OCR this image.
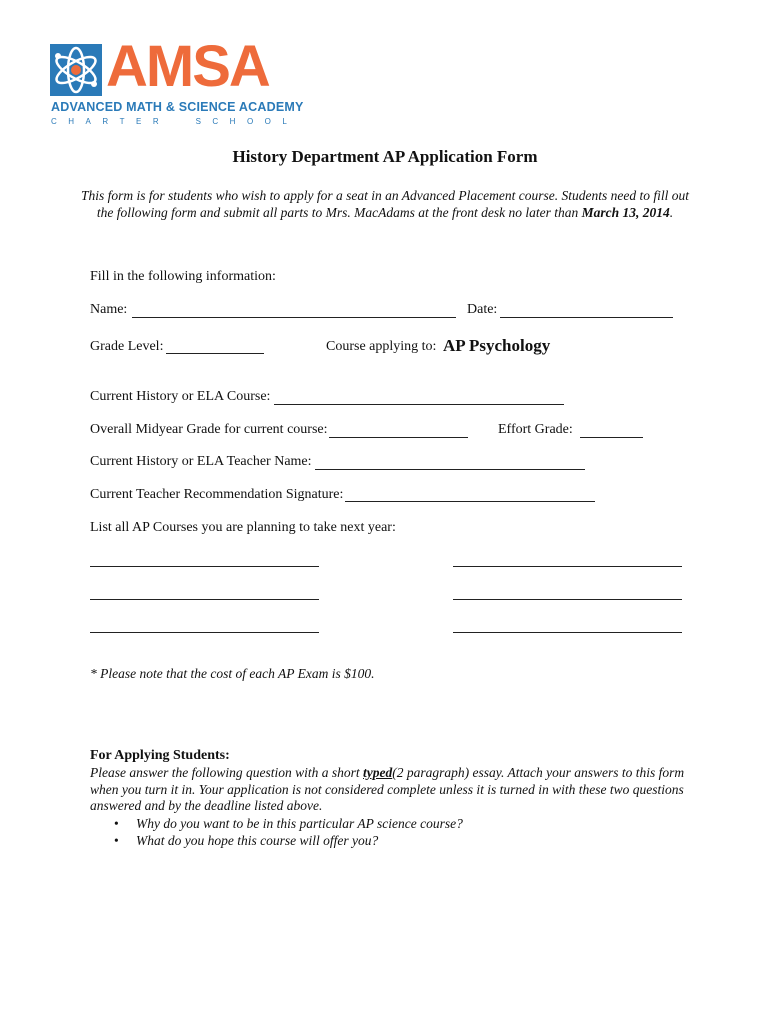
AMSA
ADVANCED MATH & SCIENCE ACADEMY
C H A R T E R	S C H O O L
History Department AP Application Form
This form is for students who wish to apply for a seat in an Advanced Placement course. Students need to fill out the following form and submit all parts to Mrs. MacAdams at the front desk no later than March 13, 2014.
Fill in the following information:
Name:	Date:
Grade Level:	Course applying to: AP Psychology
Current History or ELA Course:
Overall Midyear Grade for current course:	Effort Grade:
Current History or ELA Teacher Name:
Current Teacher Recommendation Signature:
List all AP Courses you are planning to take next year:
* Please note that the cost of each AP Exam is $100.
For Applying Students:
Please answer the following question with a short typed(2 paragraph) essay. Attach your answers to this form when you turn it in. Your application is not considered complete unless it is turned in with these two questions answered and by the deadline listed above.
• Why do you want to be in this particular AP science course?
• What do you hope this course will offer you?
